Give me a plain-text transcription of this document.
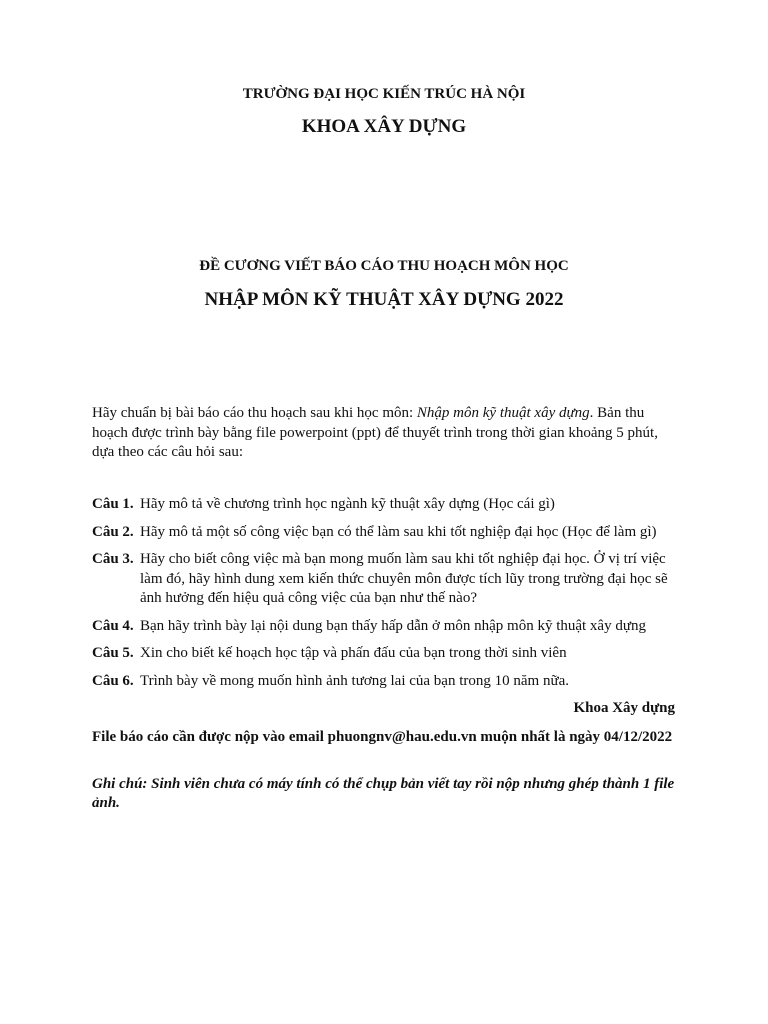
TRƯỜNG ĐẠI HỌC KIẾN TRÚC HÀ NỘI
KHOA XÂY DỰNG
ĐỀ CƯƠNG VIẾT BÁO CÁO THU HOẠCH MÔN HỌC
NHẬP MÔN KỸ THUẬT XÂY DỰNG 2022

Hãy chuẩn bị bài báo cáo thu hoạch sau khi học môn: Nhập môn kỹ thuật xây dựng. Bản thu hoạch được trình bày bằng file powerpoint (ppt) để thuyết trình trong thời gian khoảng 5 phút, dựa theo các câu hỏi sau:

Câu 1. Hãy mô tả về chương trình học ngành kỹ thuật xây dựng (Học cái gì)
Câu 2. Hãy mô tả một số công việc bạn có thể làm sau khi tốt nghiệp đại học (Học để làm gì)
Câu 3. Hãy cho biết công việc mà bạn mong muốn làm sau khi tốt nghiệp đại học. Ở vị trí việc làm đó, hãy hình dung xem kiến thức chuyên môn được tích lũy trong trường đại học sẽ ảnh hưởng đến hiệu quả công việc của bạn như thế nào?
Câu 4. Bạn hãy trình bày lại nội dung bạn thấy hấp dẫn ở môn nhập môn kỹ thuật xây dựng
Câu 5. Xin cho biết kế hoạch học tập và phấn đấu của bạn trong thời sinh viên
Câu 6. Trình bày về mong muốn hình ảnh tương lai của bạn trong 10 năm nữa.
Khoa Xây dựng

File báo cáo cần được nộp vào email phuongnv@hau.edu.vn muộn nhất là ngày 04/12/2022

Ghi chú: Sinh viên chưa có máy tính có thể chụp bản viết tay rồi nộp nhưng ghép thành 1 file ảnh.
